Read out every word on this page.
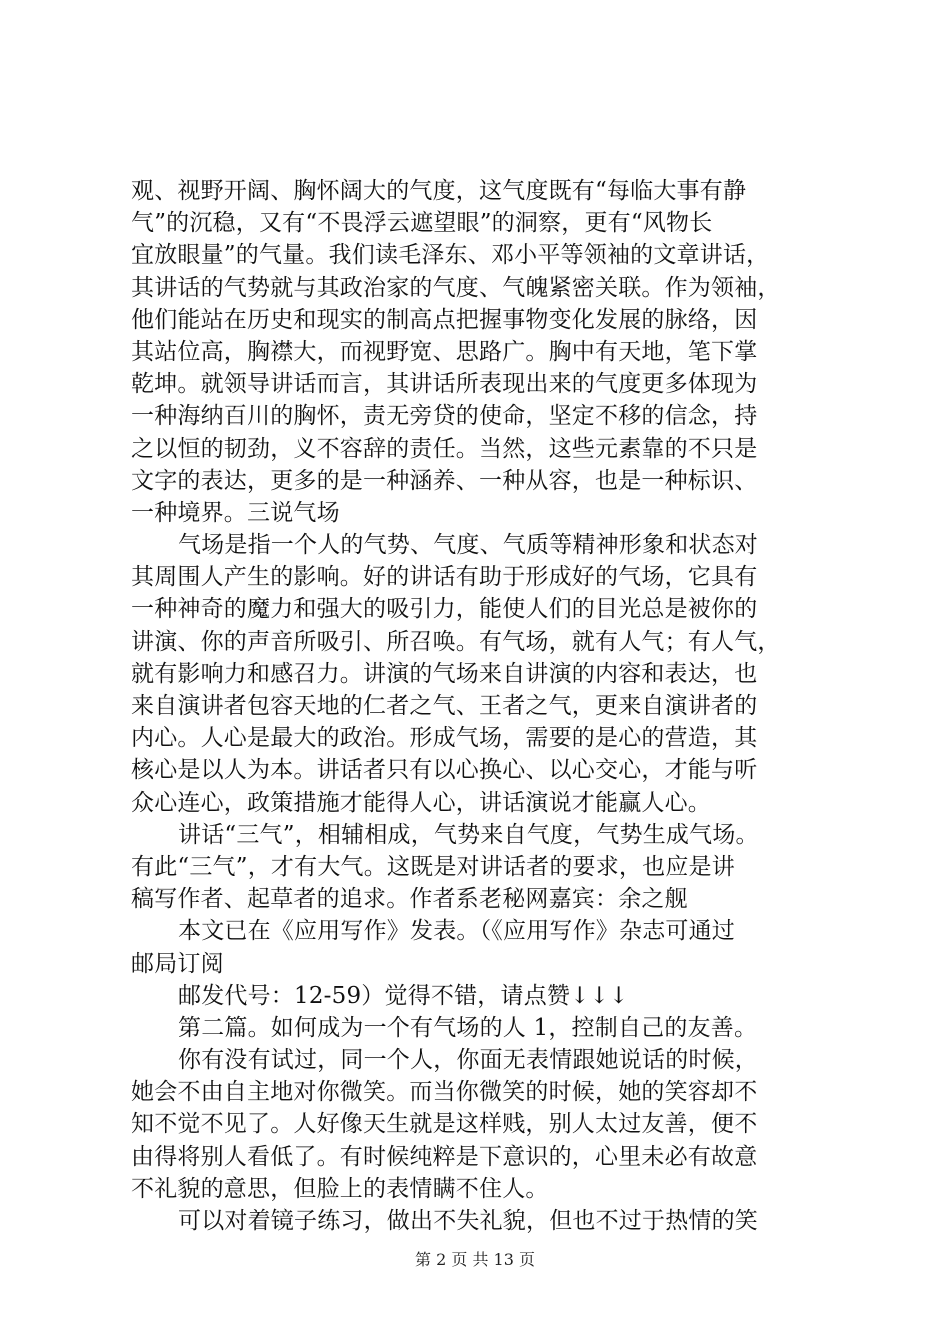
观、视野开阔、胸怀阔大的气度，这气度既有“每临大事有静
气”的沉稳，又有“不畏浮云遮望眼”的洞察，更有“风物长
宜放眼量”的气量。我们读毛泽东、邓小平等领袖的文章讲话，
其讲话的气势就与其政治家的气度、气魄紧密关联。作为领袖，
他们能站在历史和现实的制高点把握事物变化发展的脉络，因
其站位高，胸襟大，而视野宽、思路广。胸中有天地，笔下掌
乾坤。就领导讲话而言，其讲话所表现出来的气度更多体现为
一种海纳百川的胸怀，责无旁贷的使命，坚定不移的信念，持
之以恒的韧劲，义不容辞的责任。当然，这些元素靠的不只是
文字的表达，更多的是一种涵养、一种从容，也是一种标识、
一种境界。三说气场
气场是指一个人的气势、气度、气质等精神形象和状态对
其周围人产生的影响。好的讲话有助于形成好的气场，它具有
一种神奇的魔力和强大的吸引力，能使人们的目光总是被你的
讲演、你的声音所吸引、所召唤。有气场，就有人气；有人气，
就有影响力和感召力。讲演的气场来自讲演的内容和表达，也
来自演讲者包容天地的仁者之气、王者之气，更来自演讲者的
内心。人心是最大的政治。形成气场，需要的是心的营造，其
核心是以人为本。讲话者只有以心换心、以心交心，才能与听
众心连心，政策措施才能得人心，讲话演说才能赢人心。
讲话“三气”，相辅相成，气势来自气度，气势生成气场。
有此“三气”，才有大气。这既是对讲话者的要求，也应是讲
稿写作者、起草者的追求。作者系老秘网嘉宾：余之舰
本文已在《应用写作》发表。（《应用写作》杂志可通过
邮局订阅
邮发代号：12-59）觉得不错，请点赞↓↓↓
第二篇。如何成为一个有气场的人 1，控制自己的友善。
你有没有试过，同一个人，你面无表情跟她说话的时候，
她会不由自主地对你微笑。而当你微笑的时候，她的笑容却不
知不觉不见了。人好像天生就是这样贱，别人太过友善，便不
由得将别人看低了。有时候纯粹是下意识的，心里未必有故意
不礼貌的意思，但脸上的表情瞒不住人。
可以对着镜子练习，做出不失礼貌，但也不过于热情的笑
第 2 页 共 13 页
